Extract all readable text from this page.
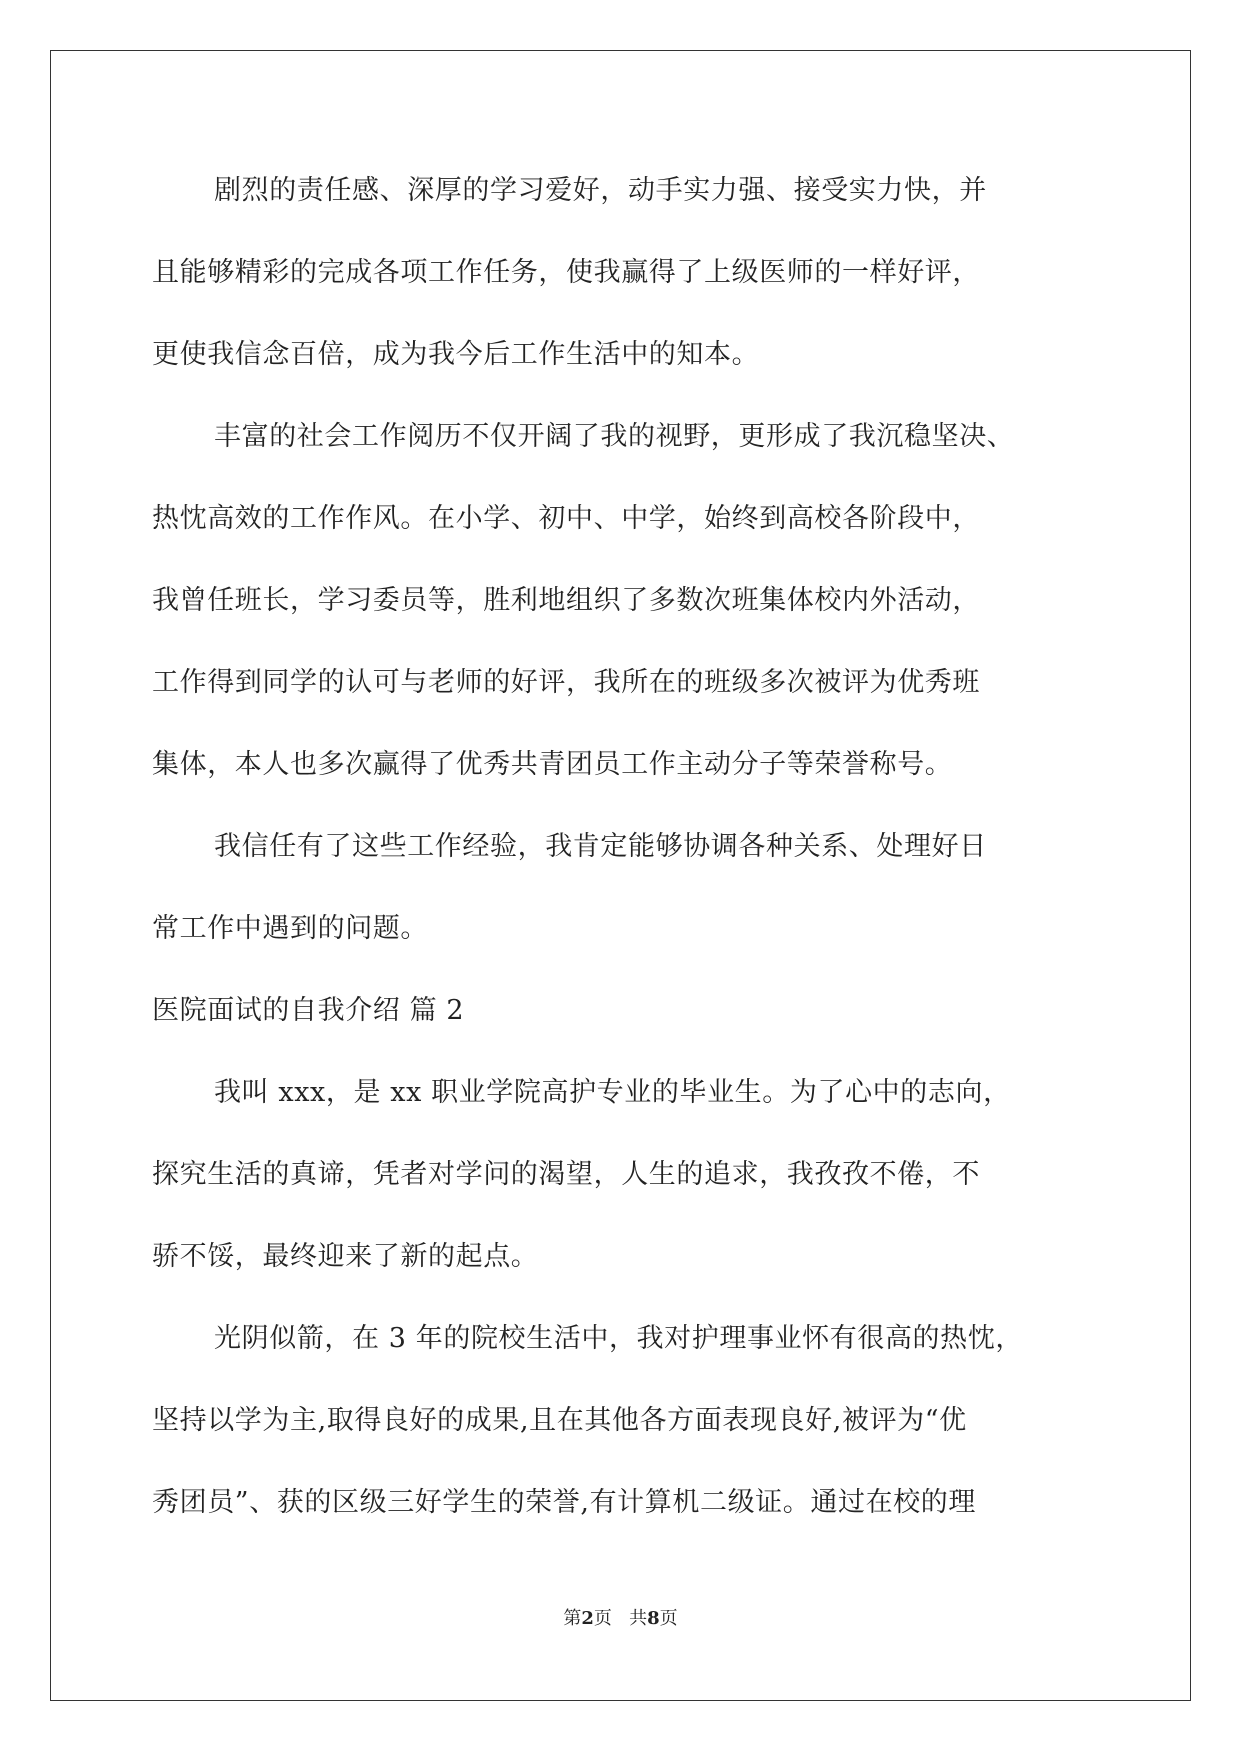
剧烈的责任感、深厚的学习爱好，动手实力强、接受实力快，并
且能够精彩的完成各项工作任务，使我赢得了上级医师的一样好评，
更使我信念百倍，成为我今后工作生活中的知本。
丰富的社会工作阅历不仅开阔了我的视野，更形成了我沉稳坚决、
热忱高效的工作作风。在小学、初中、中学，始终到高校各阶段中，
我曾任班长，学习委员等，胜利地组织了多数次班集体校内外活动，
工作得到同学的认可与老师的好评，我所在的班级多次被评为优秀班
集体，本人也多次赢得了优秀共青团员工作主动分子等荣誉称号。
我信任有了这些工作经验，我肯定能够协调各种关系、处理好日
常工作中遇到的问题。
医院面试的自我介绍 篇 2
我叫 xxx，是 xx 职业学院高护专业的毕业生。为了心中的志向，
探究生活的真谛，凭者对学问的渴望，人生的追求，我孜孜不倦，不
骄不馁，最终迎来了新的起点。
光阴似箭，在 3 年的院校生活中，我对护理事业怀有很高的热忱，
坚持以学为主,取得良好的成果,且在其他各方面表现良好,被评为“优
秀团员”、获的区级三好学生的荣誉,有计算机二级证。通过在校的理
第2页 共8页
